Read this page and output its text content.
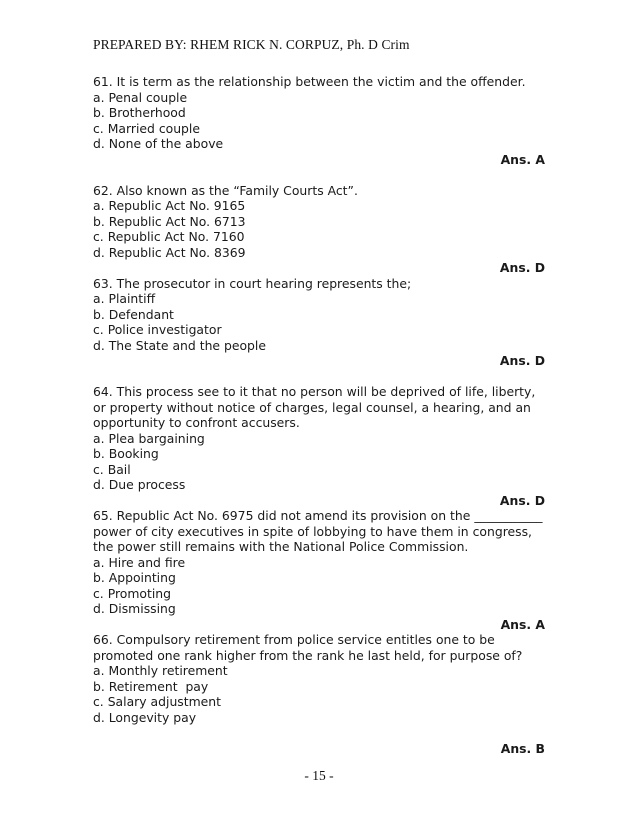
PREPARED BY: RHEM RICK N. CORPUZ, Ph. D Crim
61. It is term as the relationship between the victim and the offender.
a. Penal couple
b. Brotherhood
c. Married couple
d. None of the above
Ans. A
62. Also known as the “Family Courts Act”.
a. Republic Act No. 9165
b. Republic Act No. 6713
c. Republic Act No. 7160
d. Republic Act No. 8369
Ans. D
63. The prosecutor in court hearing represents the;
a. Plaintiff
b. Defendant
c. Police investigator
d. The State and the people
Ans. D
64. This process see to it that no person will be deprived of life, liberty, or property without notice of charges, legal counsel, a hearing, and an opportunity to confront accusers.
a. Plea bargaining
b. Booking
c. Bail
d. Due process
Ans. D
65. Republic Act No. 6975 did not amend its provision on the ___________ power of city executives in spite of lobbying to have them in congress, the power still remains with the National Police Commission.
a. Hire and fire
b. Appointing
c. Promoting
d. Dismissing
Ans. A
66. Compulsory retirement from police service entitles one to be promoted one rank higher from the rank he last held, for purpose of?
a. Monthly retirement
b. Retirement  pay
c. Salary adjustment
d. Longevity pay
Ans. B
- 15 -
